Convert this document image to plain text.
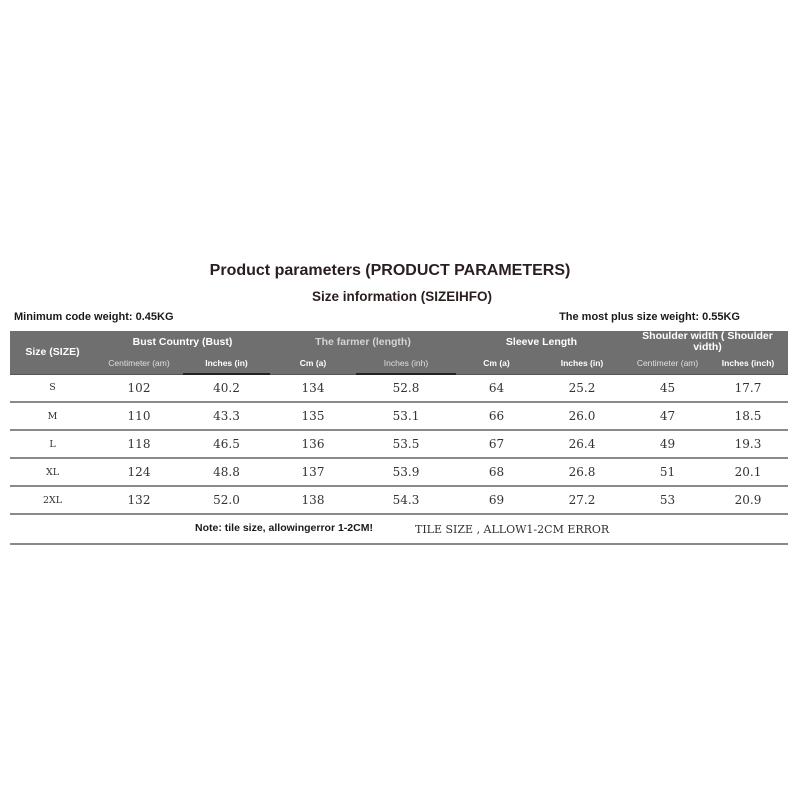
Product parameters (PRODUCT PARAMETERS)
Size information (SIZEIHFO)
Minimum code weight: 0.45KG	The most plus size weight: 0.55KG
Size (SIZE)	Bust Country (Bust)		The farmer (length)		Sleeve Length		Shoulder width ( Shoulder vidth)	
	Centimeter (am)	Inches (in)	Cm (a)	Inches (inh)	Cm (a)	Inches (in)	Centimeter (am)	Inches (inch)
S	102	40.2	134	52.8	64	25.2	45	17.7
M	110	43.3	135	53.1	66	26.0	47	18.5
L	118	46.5	136	53.5	67	26.4	49	19.3
XL	124	48.8	137	53.9	68	26.8	51	20.1
2XL	132	52.0	138	54.3	69	27.2	53	20.9
Note: tile size, allowingerror 1-2CM!	TILE SIZE , ALLOW1-2CM ERROR
